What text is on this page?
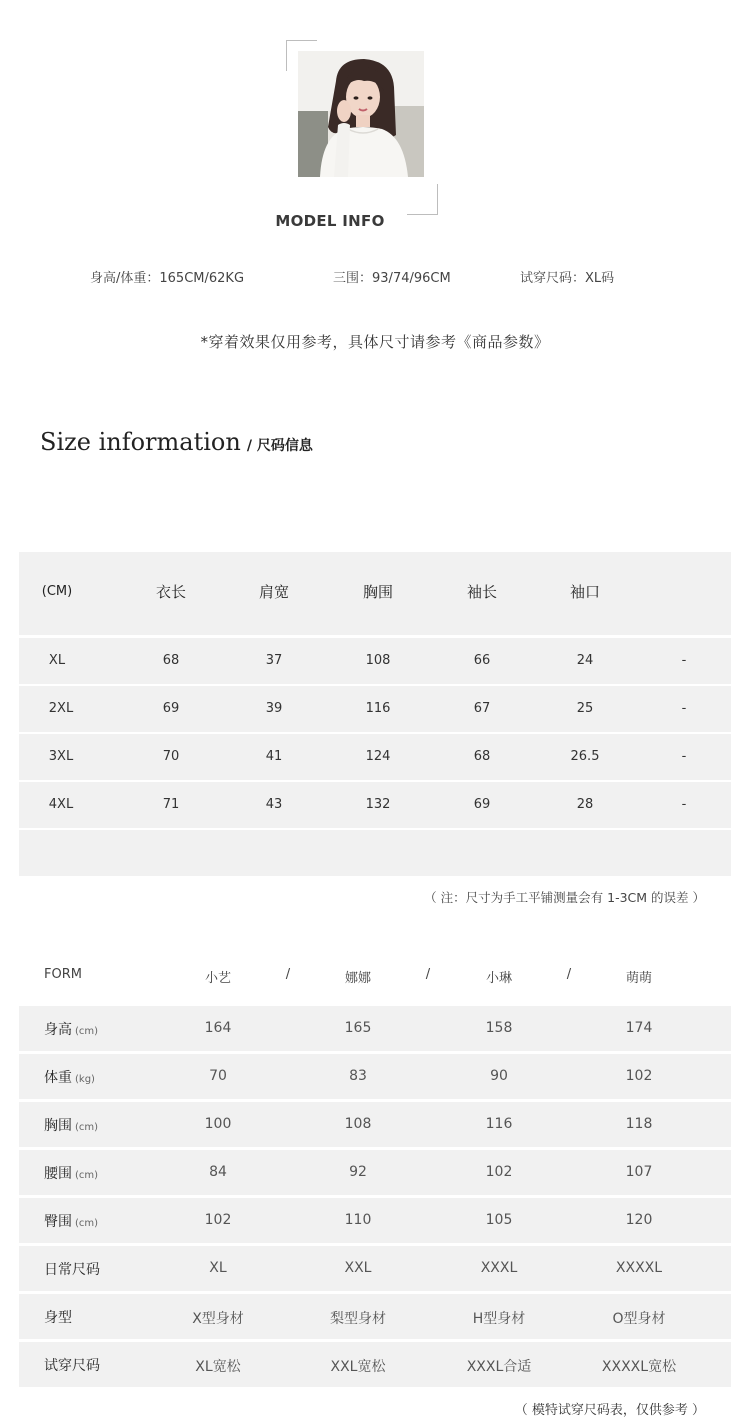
MODEL INFO
身高/体重：165CM/62KG	三围：93/74/96CM	试穿尺码：XL码
*穿着效果仅用参考，具体尺寸请参考《商品参数》
Size information / 尺码信息
(CM)	衣长	肩宽	胸围	袖长	袖口
XL	68	37	108	66	24	-
2XL	69	39	116	67	25	-
3XL	70	41	124	68	26.5	-
4XL	71	43	132	69	28	-
（ 注：尺寸为手工平铺测量会有 1-3CM 的误差 ）
FORM	小艺	/	娜娜	/	小琳	/	萌萌
身高 (cm)	164	165	158	174
体重 (kg)	70	83	90	102
胸围 (cm)	100	108	116	118
腰围 (cm)	84	92	102	107
臀围 (cm)	102	110	105	120
日常尺码	XL	XXL	XXXL	XXXXL
身型	X型身材	梨型身材	H型身材	O型身材
试穿尺码	XL宽松	XXL宽松	XXXL合适	XXXXL宽松
（ 模特试穿尺码表，仅供参考 ）
